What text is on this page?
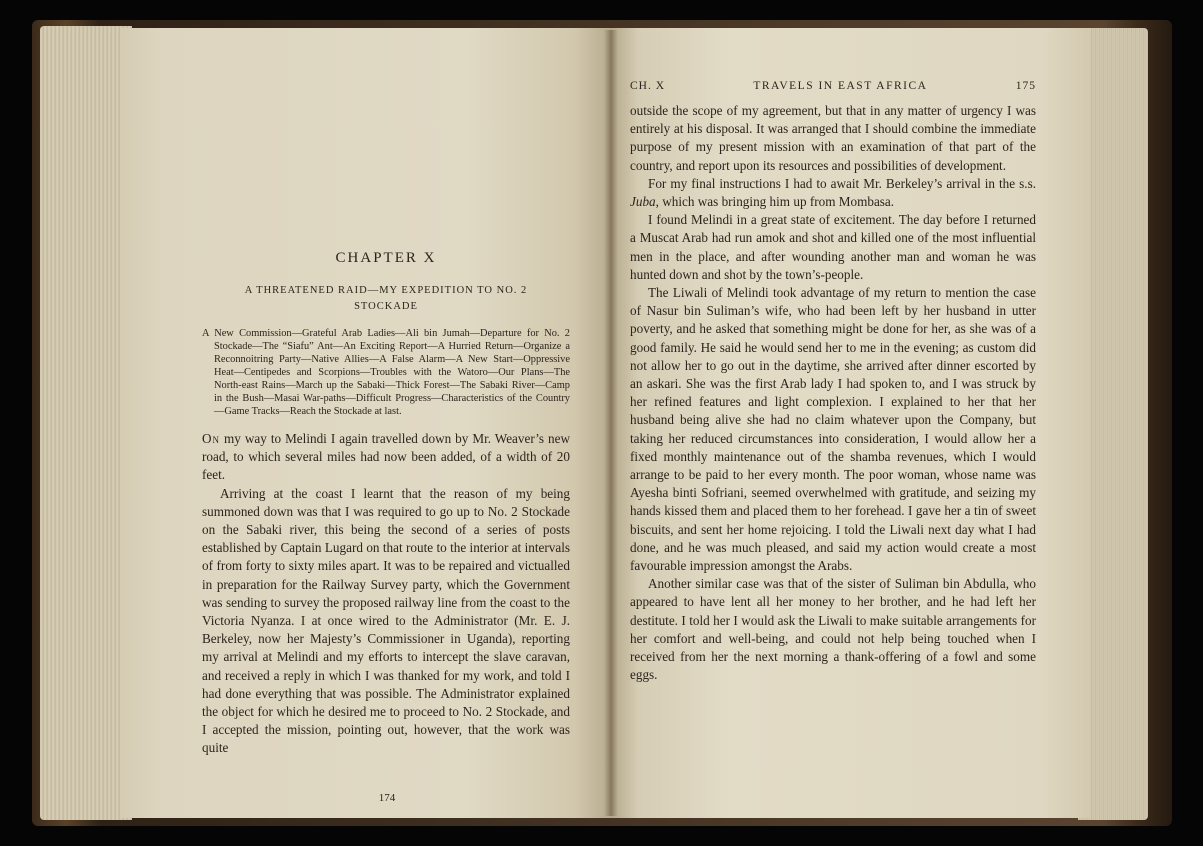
CHAPTER X
A THREATENED RAID—MY EXPEDITION TO NO. 2
STOCKADE
A New Commission—Grateful Arab Ladies—Ali bin Jumah—Departure for No. 2 Stockade—The “Siafu” Ant—An Exciting Report—A Hurried Return—Organize a Reconnoitring Party—Native Allies—A False Alarm—A New Start—Oppressive Heat—Centipedes and Scorpions—Troubles with the Watoro—Our Plans—The North-east Rains—March up the Sabaki—Thick Forest—The Sabaki River—Camp in the Bush—Masai War-paths—Difficult Progress—Characteristics of the Country—Game Tracks—Reach the Stockade at last.

On my way to Melindi I again travelled down by Mr. Weaver’s new road, to which several miles had now been added, of a width of 20 feet.

Arriving at the coast I learnt that the reason of my being summoned down was that I was required to go up to No. 2 Stockade on the Sabaki river, this being the second of a series of posts established by Captain Lugard on that route to the interior at intervals of from forty to sixty miles apart. It was to be repaired and victualled in preparation for the Railway Survey party, which the Government was sending to survey the proposed railway line from the coast to the Victoria Nyanza. I at once wired to the Administrator (Mr. E. J. Berkeley, now her Majesty’s Commissioner in Uganda), reporting my arrival at Melindi and my efforts to intercept the slave caravan, and received a reply in which I was thanked for my work, and told I had done everything that was possible. The Administrator explained the object for which he desired me to proceed to No. 2 Stockade, and I accepted the mission, pointing out, however, that the work was quite

174
CH. X	TRAVELS IN EAST AFRICA	175

outside the scope of my agreement, but that in any matter of urgency I was entirely at his disposal. It was arranged that I should combine the immediate purpose of my present mission with an examination of that part of the country, and report upon its resources and possibilities of development.

For my final instructions I had to await Mr. Berkeley’s arrival in the s.s. Juba, which was bringing him up from Mombasa.

I found Melindi in a great state of excitement. The day before I returned a Muscat Arab had run amok and shot and killed one of the most influential men in the place, and after wounding another man and woman he was hunted down and shot by the town’s-people.

The Liwali of Melindi took advantage of my return to mention the case of Nasur bin Suliman’s wife, who had been left by her husband in utter poverty, and he asked that something might be done for her, as she was of a good family. He said he would send her to me in the evening; as custom did not allow her to go out in the daytime, she arrived after dinner escorted by an askari. She was the first Arab lady I had spoken to, and I was struck by her refined features and light complexion. I explained to her that her husband being alive she had no claim whatever upon the Company, but taking her reduced circumstances into consideration, I would allow her a fixed monthly maintenance out of the shamba revenues, which I would arrange to be paid to her every month. The poor woman, whose name was Ayesha binti Sofriani, seemed overwhelmed with gratitude, and seizing my hands kissed them and placed them to her forehead. I gave her a tin of sweet biscuits, and sent her home rejoicing. I told the Liwali next day what I had done, and he was much pleased, and said my action would create a most favourable impression amongst the Arabs.

Another similar case was that of the sister of Suliman bin Abdulla, who appeared to have lent all her money to her brother, and he had left her destitute. I told her I would ask the Liwali to make suitable arrangements for her comfort and well-being, and could not help being touched when I received from her the next morning a thank-offering of a fowl and some eggs.
